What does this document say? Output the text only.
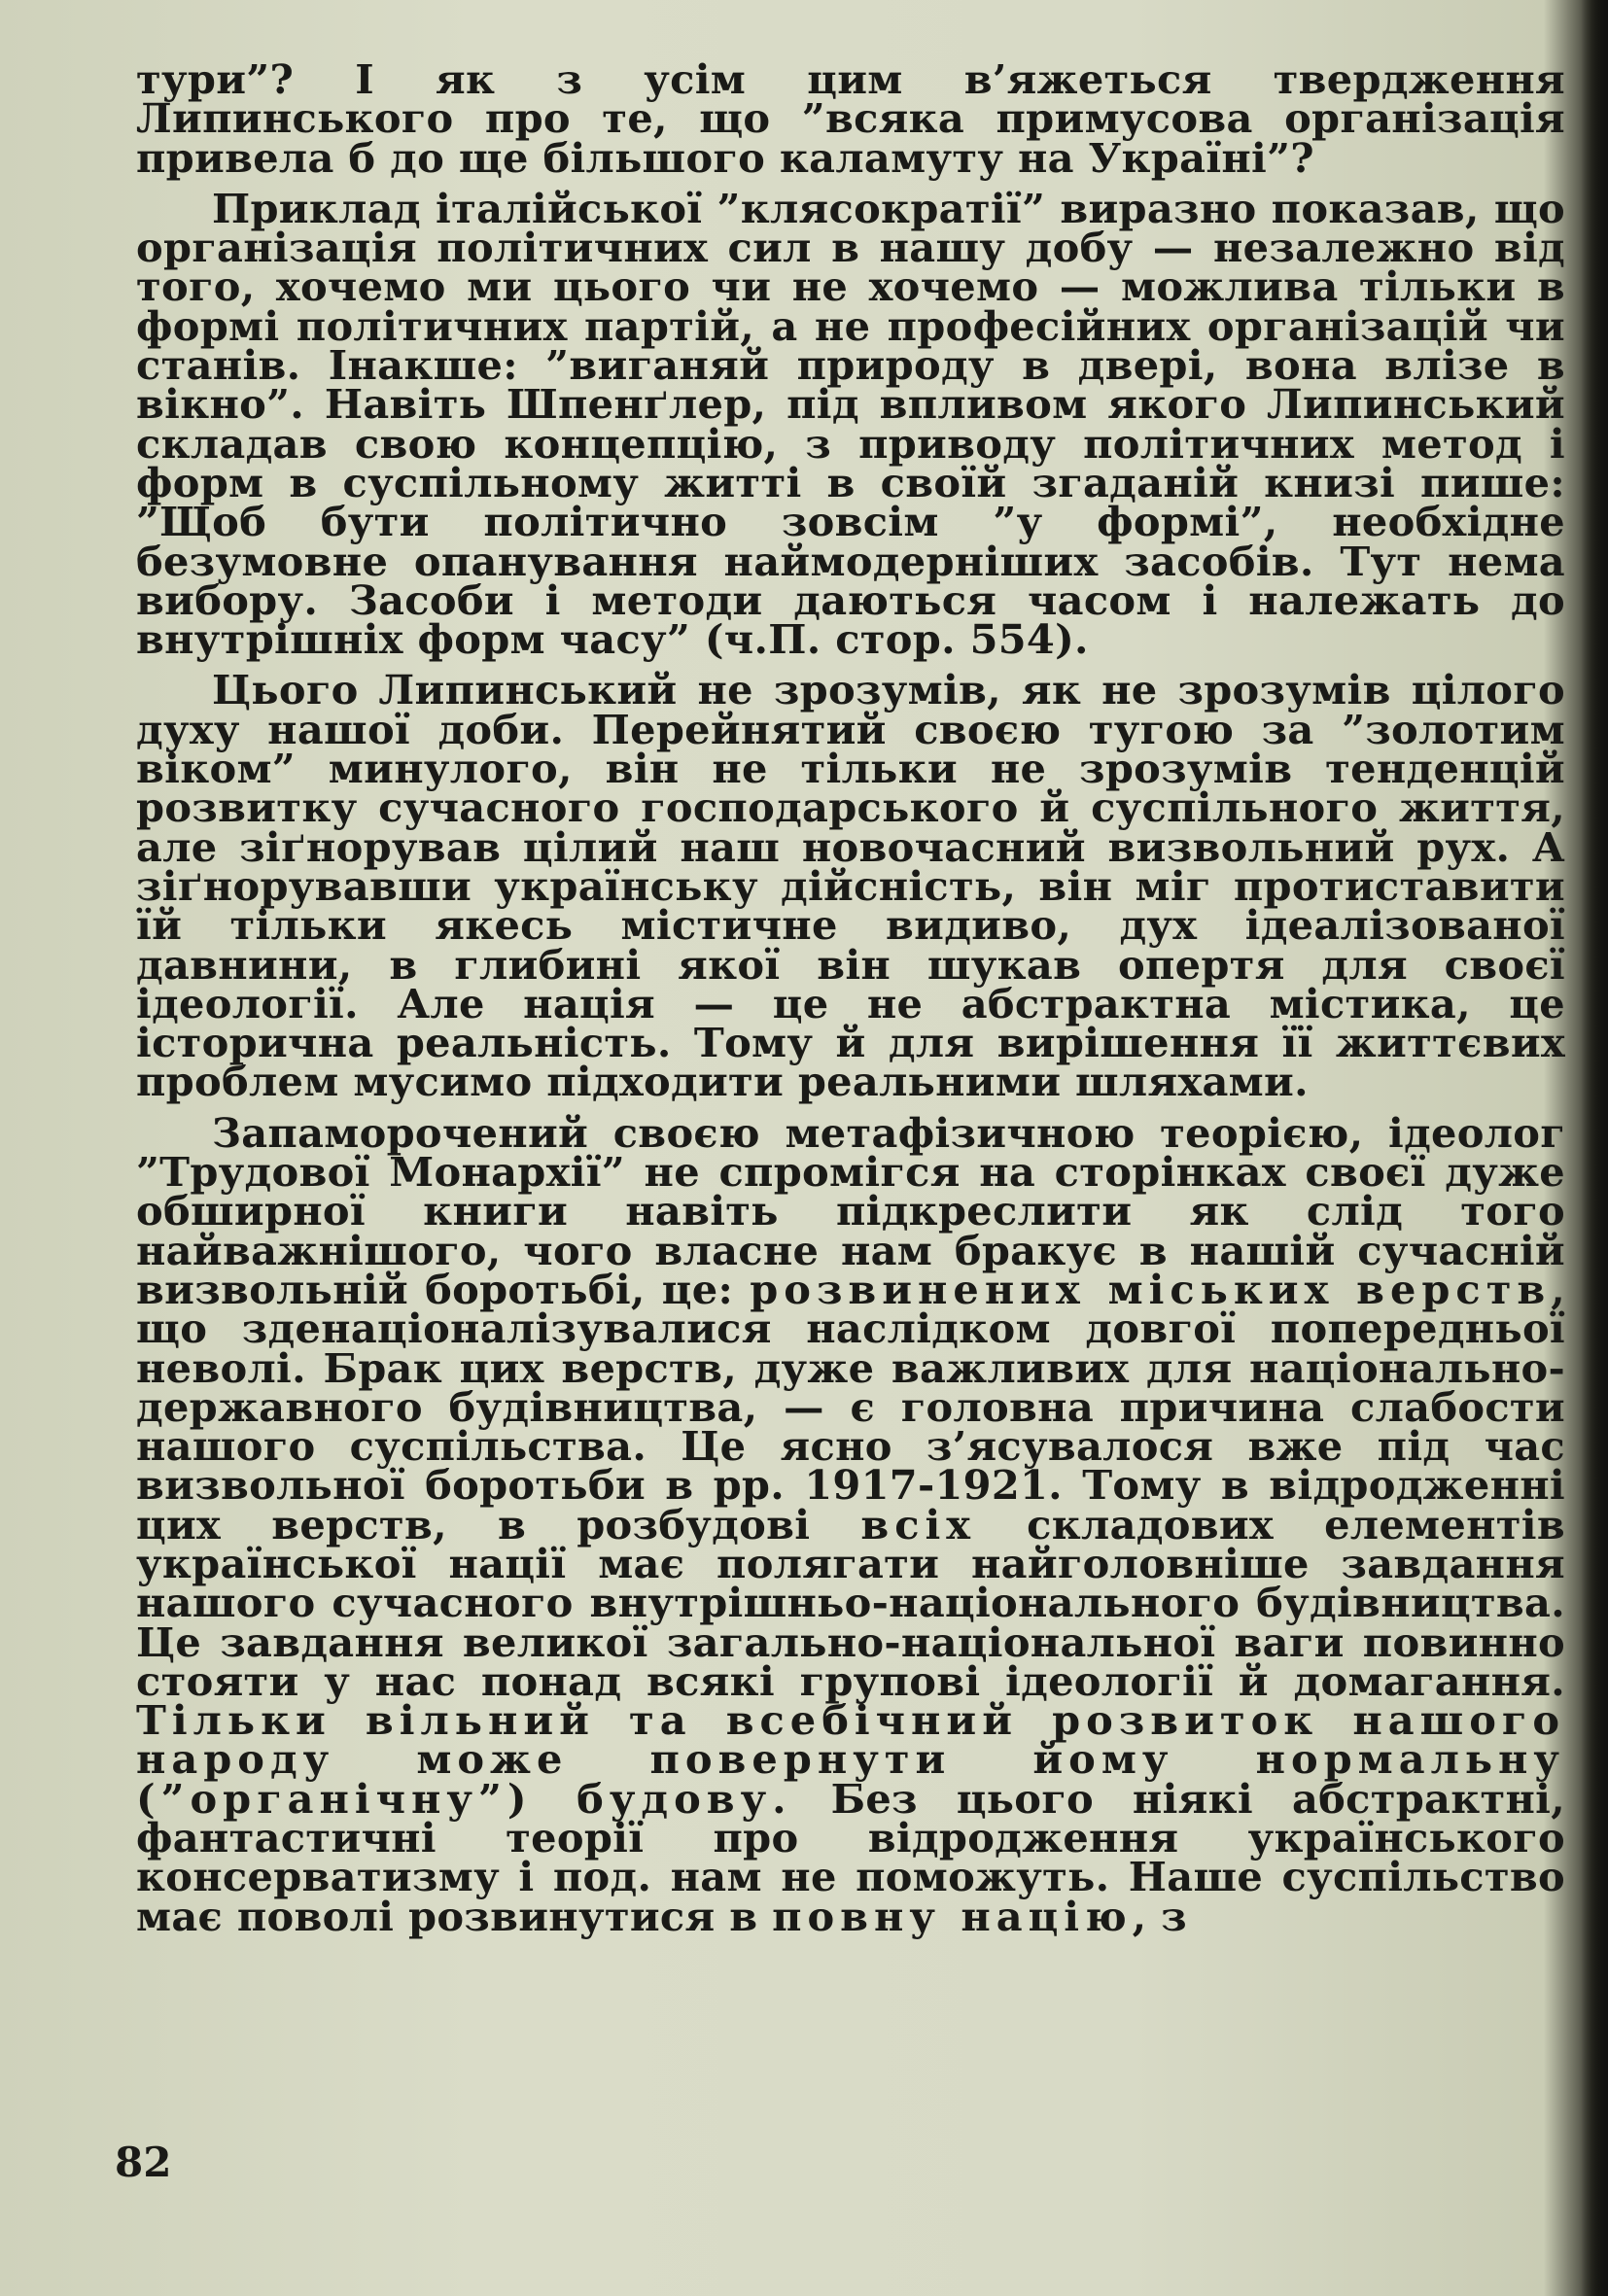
тури”? І як з усім цим в’яжеться твердження Липинського про те, що ”всяка примусова організація привела б до ще більшого каламуту на Україні”?

Приклад італійської ”клясократії” виразно показав, що організація політичних сил в нашу добу — незалежно від того, хочемо ми цього чи не хочемо — можлива тільки в формі політичних партій, а не професійних організацій чи станів. Інакше: ”виганяй природу в двері, вона влізе в вікно”. Навіть Шпенґлер, під впливом якого Липинський складав свою концепцію, з приводу політичних метод і форм в суспільному житті в своїй згаданій книзі пише: ”Щоб бути політично зовсім ”у формі”, необхідне безумовне опанування наймодерніших засобів. Тут нема вибору. Засоби і методи даються часом і належать до внутрішніх форм часу” (ч.П. стор. 554).

Цього Липинський не зрозумів, як не зрозумів цілого духу нашої доби. Перейнятий своєю тугою за ”золотим віком” минулого, він не тільки не зрозумів тенденцій розвитку сучасного господарського й суспільного життя, але зіґнорував цілий наш новочасний визвольний рух. А зіґнорувавши українську дійсність, він міг протиставити їй тільки якесь містичне видиво, дух ідеалізованої давнини, в глибині якої він шукав опертя для своєї ідеології. Але нація — це не абстрактна містика, це історична реальність. Тому й для вирішення її життєвих проблем мусимо підходити реальними шляхами.

Запаморочений своєю метафізичною теорією, ідеолог ”Трудової Монархії” не спромігся на сторінках своєї дуже обширної книги навіть підкреслити як слід того найважнішого, чого власне нам бракує в нашій сучасній визвольній боротьбі, це: розвинених міських верств, що зденаціоналізувалися наслідком довгої попередньої неволі. Брак цих верств, дуже важливих для національно-державного будівництва, — є головна причина слабости нашого суспільства. Це ясно з’ясувалося вже під час визвольної боротьби в рр. 1917-1921. Тому в відродженні цих верств, в розбудові всіх складових елементів української нації має полягати найголовніше завдання нашого сучасного внутрішньо-національного будівництва. Це завдання великої загально-національної ваги повинно стояти у нас понад всякі групові ідеології й домагання. Тільки вільний та всебічний розвиток нашого народу може повернути йому нормальну (”органічну”) будову. Без цього ніякі абстрактні, фантастичні теорії про відродження українського консерватизму і под. нам не поможуть. Наше суспільство має поволі розвинутися в повну націю, з

82
